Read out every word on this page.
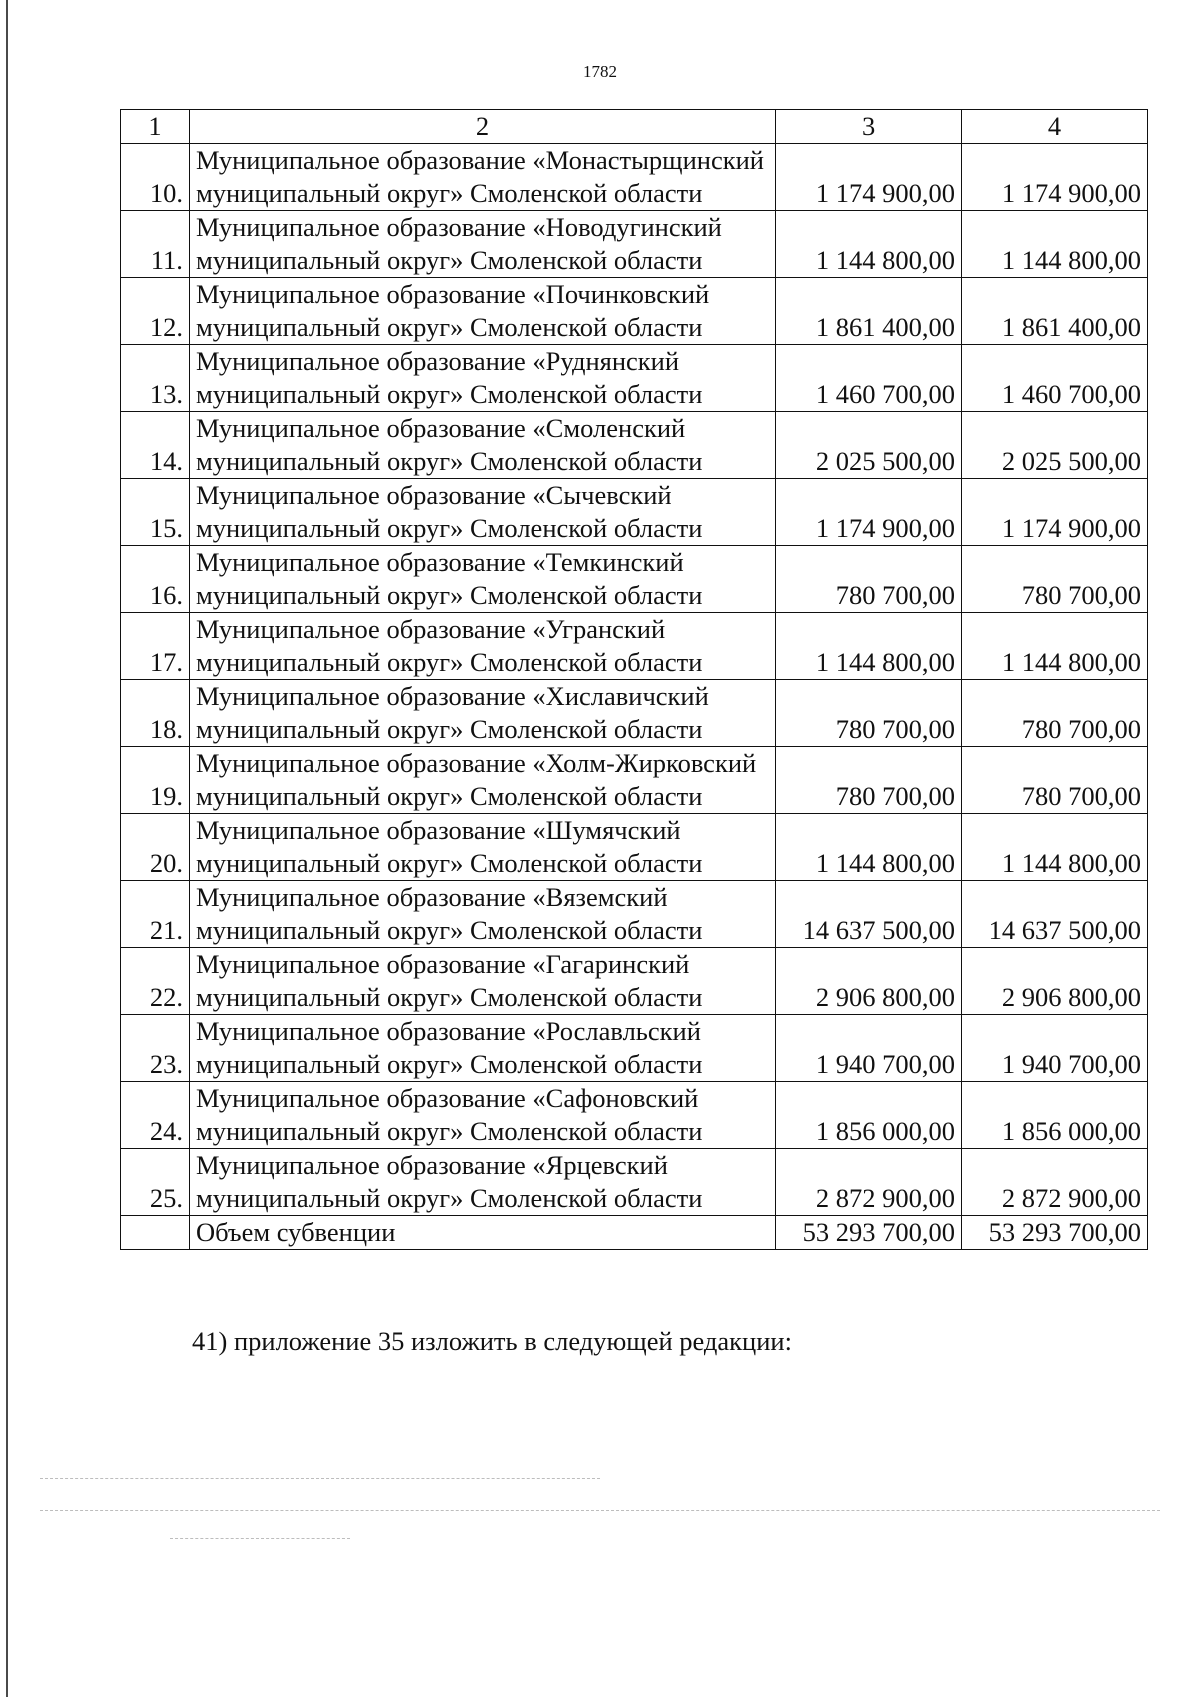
1782
1	2	3	4
10.	Муниципальное образование «Монастырщинский муниципальный округ» Смоленской области	1 174 900,00	1 174 900,00
11.	Муниципальное образование «Новодугинский муниципальный округ» Смоленской области	1 144 800,00	1 144 800,00
12.	Муниципальное образование «Починковский муниципальный округ» Смоленской области	1 861 400,00	1 861 400,00
13.	Муниципальное образование «Руднянский муниципальный округ» Смоленской области	1 460 700,00	1 460 700,00
14.	Муниципальное образование «Смоленский муниципальный округ» Смоленской области	2 025 500,00	2 025 500,00
15.	Муниципальное образование «Сычевский муниципальный округ» Смоленской области	1 174 900,00	1 174 900,00
16.	Муниципальное образование «Темкинский муниципальный округ» Смоленской области	780 700,00	780 700,00
17.	Муниципальное образование «Угранский муниципальный округ» Смоленской области	1 144 800,00	1 144 800,00
18.	Муниципальное образование «Хиславичский муниципальный округ» Смоленской области	780 700,00	780 700,00
19.	Муниципальное образование «Холм-Жирковский муниципальный округ» Смоленской области	780 700,00	780 700,00
20.	Муниципальное образование «Шумячский муниципальный округ» Смоленской области	1 144 800,00	1 144 800,00
21.	Муниципальное образование «Вяземский муниципальный округ» Смоленской области	14 637 500,00	14 637 500,00
22.	Муниципальное образование «Гагаринский муниципальный округ» Смоленской области	2 906 800,00	2 906 800,00
23.	Муниципальное образование «Рославльский муниципальный округ» Смоленской области	1 940 700,00	1 940 700,00
24.	Муниципальное образование «Сафоновский муниципальный округ» Смоленской области	1 856 000,00	1 856 000,00
25.	Муниципальное образование «Ярцевский муниципальный округ» Смоленской области	2 872 900,00	2 872 900,00
	Объем субвенции	53 293 700,00	53 293 700,00
41) приложение 35 изложить в следующей редакции:
